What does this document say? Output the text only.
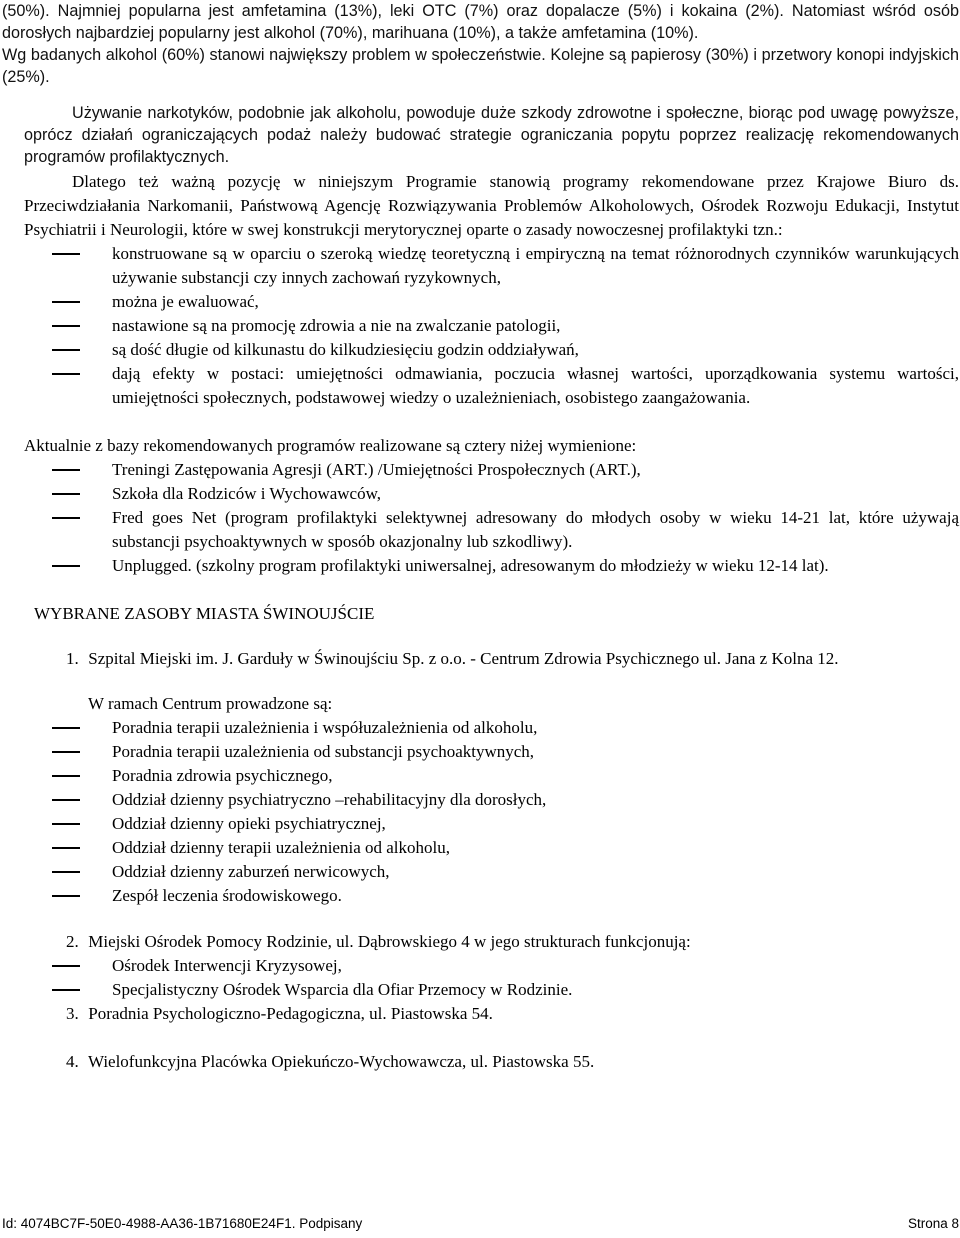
(50%). Najmniej popularna jest amfetamina (13%), leki OTC (7%) oraz dopalacze (5%) i kokaina (2%). Natomiast wśród osób dorosłych najbardziej popularny jest alkohol (70%), marihuana (10%), a także amfetamina (10%).

Wg badanych alkohol (60%) stanowi największy problem w społeczeństwie. Kolejne są papierosy (30%) i przetwory konopi indyjskich (25%).

Używanie narkotyków, podobnie jak alkoholu, powoduje duże szkody zdrowotne i społeczne, biorąc pod uwagę powyższe, oprócz działań ograniczających podaż należy budować strategie ograniczania popytu poprzez realizację rekomendowanych programów profilaktycznych.

Dlatego też ważną pozycję w niniejszym Programie stanowią programy rekomendowane przez Krajowe Biuro ds. Przeciwdziałania Narkomanii, Państwową Agencję Rozwiązywania Problemów Alkoholowych, Ośrodek Rozwoju Edukacji, Instytut Psychiatrii i Neurologii, które w swej konstrukcji merytorycznej oparte o zasady nowoczesnej profilaktyki tzn.:

konstruowane są w oparciu o szeroką wiedzę teoretyczną i empiryczną na temat różnorodnych czynników warunkujących używanie substancji czy innych zachowań ryzykownych,
można je ewaluować,
nastawione są na promocję zdrowia a nie na zwalczanie patologii,
są dość długie od kilkunastu do kilkudziesięciu godzin oddziaływań,
dają efekty w postaci: umiejętności odmawiania, poczucia własnej wartości, uporządkowania systemu wartości, umiejętności społecznych, podstawowej wiedzy o uzależnieniach, osobistego zaangażowania.

Aktualnie z bazy rekomendowanych programów realizowane są cztery niżej wymienione:

Treningi Zastępowania Agresji (ART.) /Umiejętności Prospołecznych (ART.),
Szkoła dla Rodziców i Wychowawców,
Fred goes Net (program profilaktyki selektywnej adresowany do młodych osoby w wieku 14-21 lat, które używają substancji psychoaktywnych w sposób okazjonalny lub szkodliwy).
Unplugged. (szkolny program profilaktyki uniwersalnej, adresowanym do młodzieży w wieku 12-14 lat).

WYBRANE ZASOBY MIASTA ŚWINOUJŚCIE

1. Szpital Miejski im. J. Garduły w Świnoujściu Sp. z o.o. - Centrum Zdrowia Psychicznego ul. Jana z Kolna 12.

W ramach Centrum prowadzone są:

Poradnia terapii uzależnienia i współuzależnienia od alkoholu,
Poradnia terapii uzależnienia od substancji psychoaktywnych,
Poradnia zdrowia psychicznego,
Oddział dzienny psychiatryczno –rehabilitacyjny dla dorosłych,
Oddział dzienny opieki psychiatrycznej,
Oddział dzienny terapii uzależnienia od alkoholu,
Oddział dzienny zaburzeń nerwicowych,
Zespół leczenia środowiskowego.

2. Miejski Ośrodek Pomocy Rodzinie, ul. Dąbrowskiego 4 w jego strukturach funkcjonują:

Ośrodek Interwencji Kryzysowej,
Specjalistyczny Ośrodek Wsparcia dla Ofiar Przemocy w Rodzinie.

3. Poradnia Psychologiczno-Pedagogiczna, ul. Piastowska 54.

4. Wielofunkcyjna Placówka Opiekuńczo-Wychowawcza, ul. Piastowska 55.

Id: 4074BC7F-50E0-4988-AA36-1B71680E24F1. Podpisany	Strona 8
